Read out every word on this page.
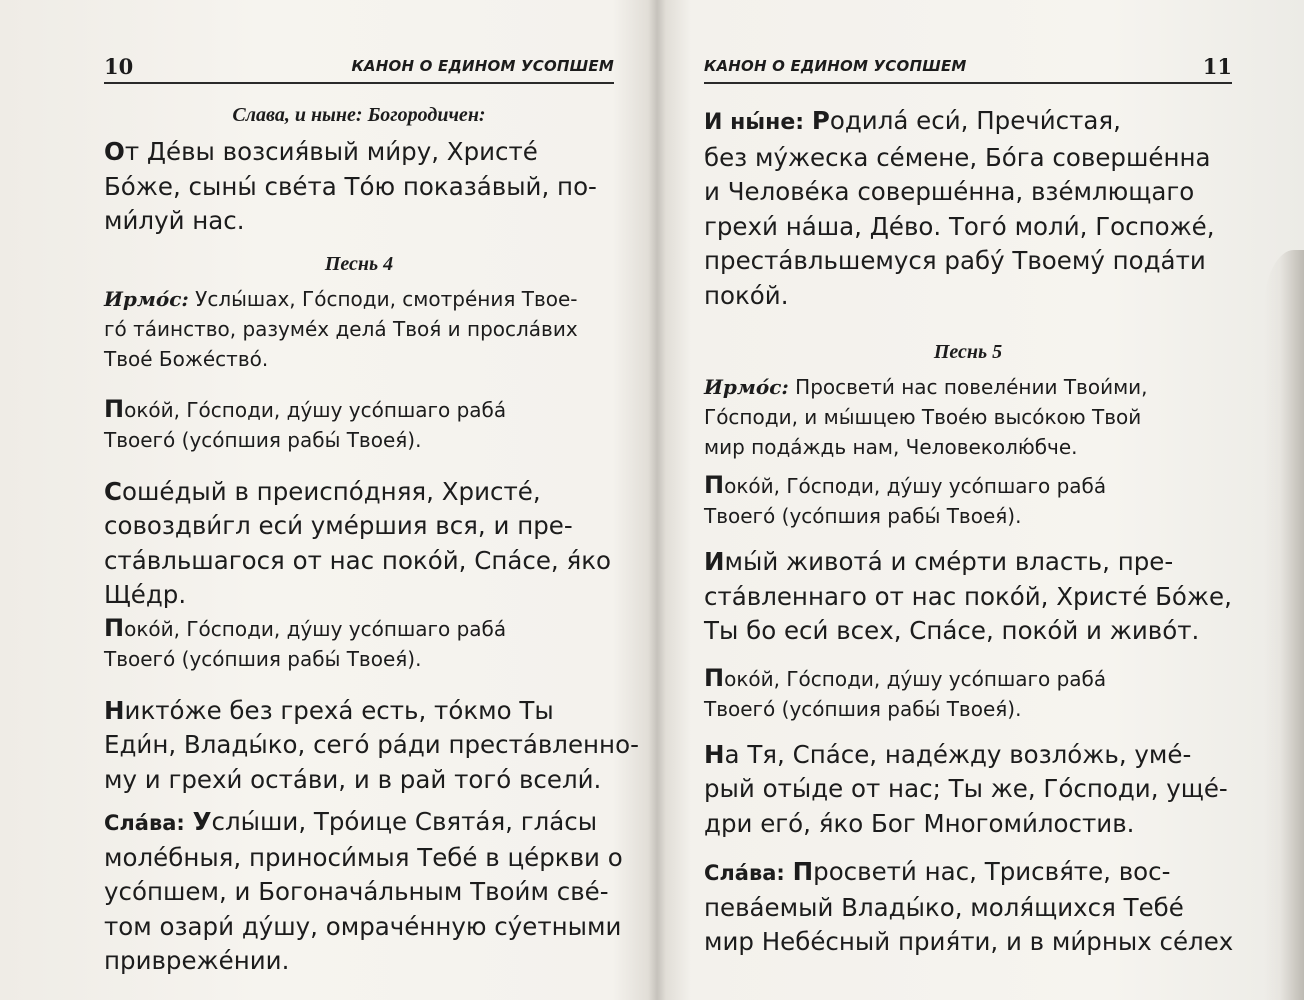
10	КАНОН О ЕДИНОМ УСОПШЕМ

Слава, и ныне: Богородичен:

От Де́вы возсия́вый ми́ру, Христе́
Бо́же, сыны́ све́та То́ю показа́вый, по-
ми́луй нас.

Песнь 4

Ирмо́с: Услы́шах, Го́споди, смотре́ния Твое-
го́ та́инство, разуме́х дела́ Твоя́ и просла́вих
Твое́ Боже́ство́.

Поко́й, Го́споди, ду́шу усо́пшаго раба́
Твоего́ (усо́пшия рабы́ Твоея́).

Соше́дый в преиспо́дняя, Христе́,
совоздви́гл еси́ уме́ршия вся, и пре-
ста́вльшагося от нас поко́й, Спа́се, я́ко
Ще́др.

Поко́й, Го́споди, ду́шу усо́пшаго раба́
Твоего́ (усо́пшия рабы́ Твоея́).

Никто́же без греха́ есть, то́кмо Ты
Еди́н, Влады́ко, сего́ ра́ди преста́вленно-
му и грехи́ оста́ви, и в рай того́ всели́.

Сла́ва: Услы́ши, Тро́ице Свята́я, гла́сы
моле́бныя, приноси́мыя Тебе́ в це́ркви о
усо́пшем, и Богонача́льным Твои́м све́-
том озари́ ду́шу, омраче́нную су́етными
привреже́нии.

КАНОН О ЕДИНОМ УСОПШЕМ	11

И ны́не: Родила́ еси́, Пречи́стая,
без му́жеска се́мене, Бо́га соверше́нна
и Челове́ка соверше́нна, взе́млющаго
грехи́ на́ша, Де́во. Того́ моли́, Госпоже́,
преста́вльшемуся рабу́ Твоему́ пода́ти
поко́й.

Песнь 5

Ирмо́с: Просвети́ нас повеле́нии Твои́ми,
Го́споди, и мы́шцею Твое́ю высо́кою Твой
мир пода́ждь нам, Человеколю́бче.

Поко́й, Го́споди, ду́шу усо́пшаго раба́
Твоего́ (усо́пшия рабы́ Твоея́).

Имы́й живота́ и сме́рти власть, пре-
ста́вленнаго от нас поко́й, Христе́ Бо́же,
Ты бо еси́ всех, Спа́се, поко́й и живо́т.

Поко́й, Го́споди, ду́шу усо́пшаго раба́
Твоего́ (усо́пшия рабы́ Твоея́).

На Тя, Спа́се, наде́жду возло́жь, уме́-
рый оты́де от нас; Ты же, Го́споди, уще́-
дри его́, я́ко Бог Многоми́лостив.

Сла́ва: Просвети́ нас, Трисвя́те, вос-
пева́емый Влады́ко, моля́щихся Тебе́
мир Небе́сный прия́ти, и в ми́рных се́лех
